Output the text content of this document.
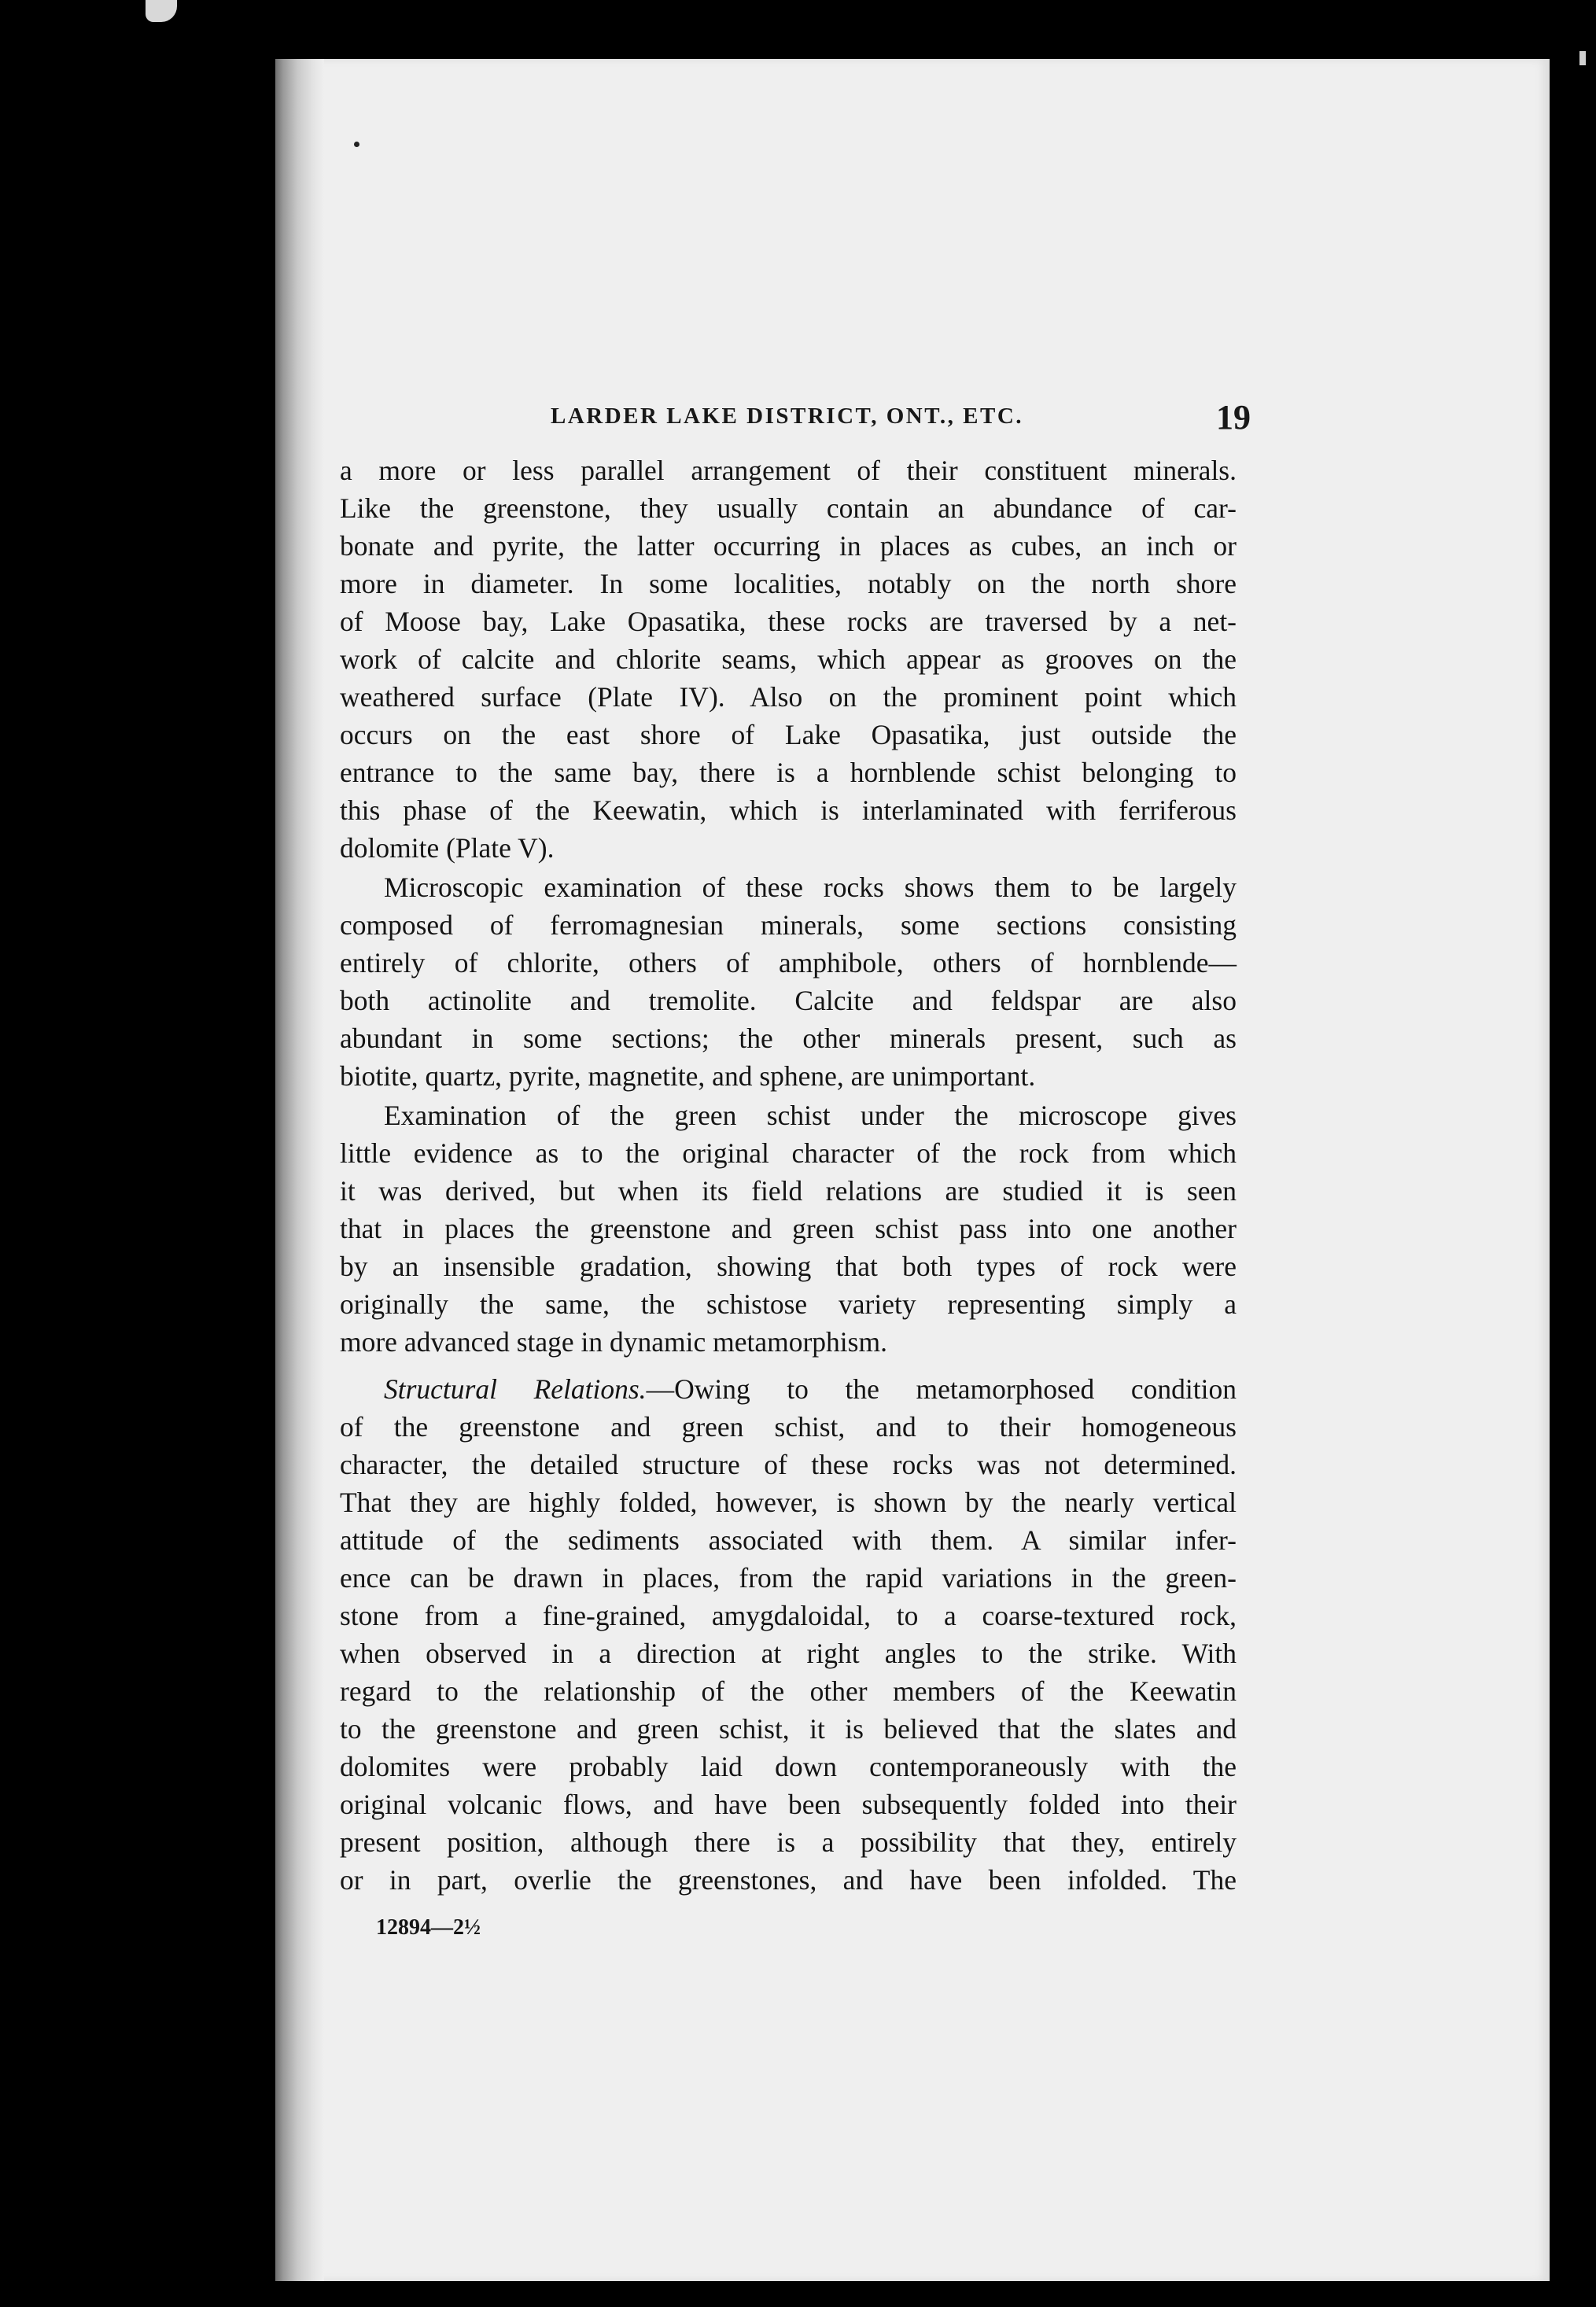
LARDER LAKE DISTRICT, ONT., ETC.	19
a more or less parallel arrangement of their constituent minerals.
Like the greenstone, they usually contain an abundance of car-
bonate and pyrite, the latter occurring in places as cubes, an inch or
more in diameter. In some localities, notably on the north shore
of Moose bay, Lake Opasatika, these rocks are traversed by a net-
work of calcite and chlorite seams, which appear as grooves on the
weathered surface (Plate IV). Also on the prominent point which
occurs on the east shore of Lake Opasatika, just outside the
entrance to the same bay, there is a hornblende schist belonging to
this phase of the Keewatin, which is interlaminated with ferriferous
dolomite (Plate V).
Microscopic examination of these rocks shows them to be largely
composed of ferromagnesian minerals, some sections consisting
entirely of chlorite, others of amphibole, others of hornblende—
both actinolite and tremolite. Calcite and feldspar are also
abundant in some sections; the other minerals present, such as
biotite, quartz, pyrite, magnetite, and sphene, are unimportant.
Examination of the green schist under the microscope gives
little evidence as to the original character of the rock from which
it was derived, but when its field relations are studied it is seen
that in places the greenstone and green schist pass into one another
by an insensible gradation, showing that both types of rock were
originally the same, the schistose variety representing simply a
more advanced stage in dynamic metamorphism.
Structural Relations.—Owing to the metamorphosed condition
of the greenstone and green schist, and to their homogeneous
character, the detailed structure of these rocks was not determined.
That they are highly folded, however, is shown by the nearly vertical
attitude of the sediments associated with them. A similar infer-
ence can be drawn in places, from the rapid variations in the green-
stone from a fine-grained, amygdaloidal, to a coarse-textured rock,
when observed in a direction at right angles to the strike. With
regard to the relationship of the other members of the Keewatin
to the greenstone and green schist, it is believed that the slates and
dolomites were probably laid down contemporaneously with the
original volcanic flows, and have been subsequently folded into their
present position, although there is a possibility that they, entirely
or in part, overlie the greenstones, and have been infolded. The
12894—2½
